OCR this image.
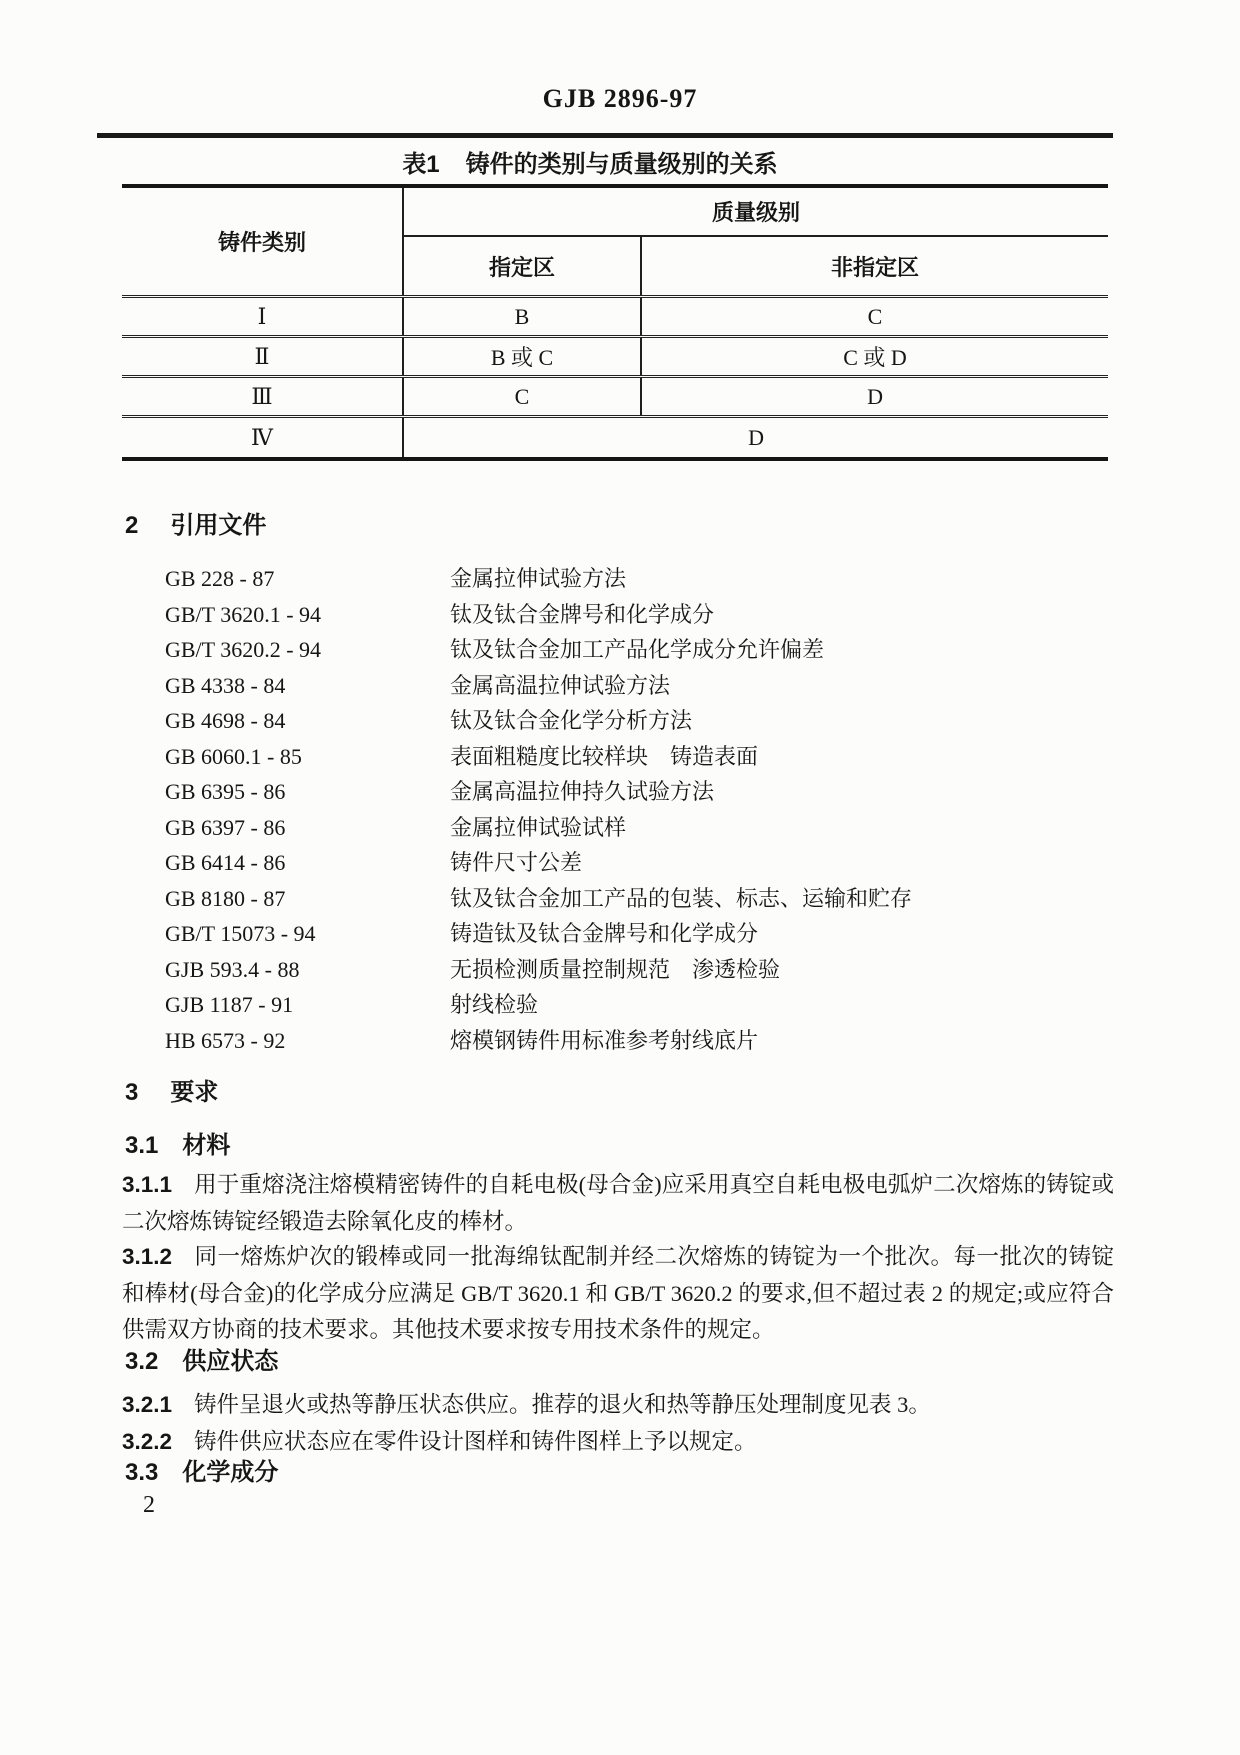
GJB 2896-97
表1 铸件的类别与质量级别的关系
铸件类别	质量级别	
	指定区	非指定区
Ⅰ	B	C
Ⅱ	B 或 C	C 或 D
Ⅲ	C	D
Ⅳ	D	
2 引用文件
GB 228 - 87	金属拉伸试验方法
GB/T 3620.1 - 94	钛及钛合金牌号和化学成分
GB/T 3620.2 - 94	钛及钛合金加工产品化学成分允许偏差
GB 4338 - 84	金属高温拉伸试验方法
GB 4698 - 84	钛及钛合金化学分析方法
GB 6060.1 - 85	表面粗糙度比较样块　铸造表面
GB 6395 - 86	金属高温拉伸持久试验方法
GB 6397 - 86	金属拉伸试验试样
GB 6414 - 86	铸件尺寸公差
GB 8180 - 87	钛及钛合金加工产品的包装、标志、运输和贮存
GB/T 15073 - 94	铸造钛及钛合金牌号和化学成分
GJB 593.4 - 88	无损检测质量控制规范　渗透检验
GJB 1187 - 91	射线检验
HB 6573 - 92	熔模钢铸件用标准参考射线底片
3 要求
3.1 材料
3.1.1 用于重熔浇注熔模精密铸件的自耗电极(母合金)应采用真空自耗电极电弧炉二次熔炼的铸锭或二次熔炼铸锭经锻造去除氧化皮的棒材。
3.1.2 同一熔炼炉次的锻棒或同一批海绵钛配制并经二次熔炼的铸锭为一个批次。每一批次的铸锭和棒材(母合金)的化学成分应满足 GB/T 3620.1 和 GB/T 3620.2 的要求,但不超过表 2 的规定;或应符合供需双方协商的技术要求。其他技术要求按专用技术条件的规定。
3.2 供应状态
3.2.1 铸件呈退火或热等静压状态供应。推荐的退火和热等静压处理制度见表 3。
3.2.2 铸件供应状态应在零件设计图样和铸件图样上予以规定。
3.3 化学成分
2
